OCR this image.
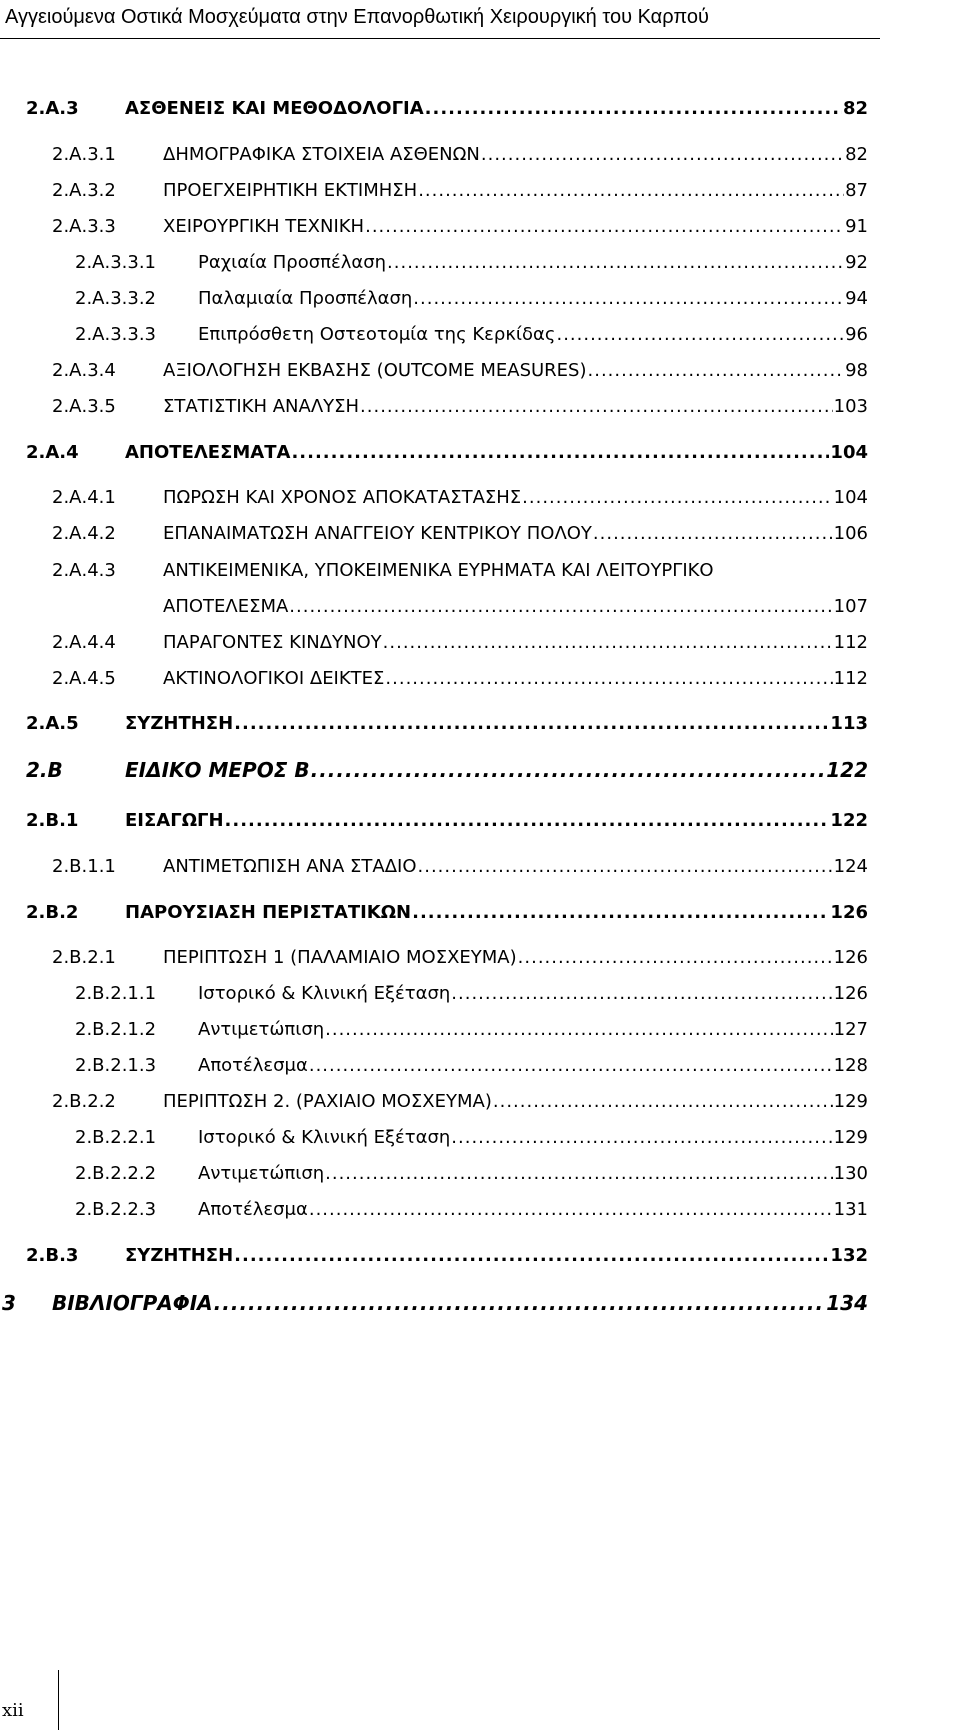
Αγγειούμενα Οστικά Μοσχεύματα στην Επανορθωτική Χειρουργική του Καρπού
2.Α.3	ΑΣΘΕΝΕΙΣ ΚΑΙ ΜΕΘΟΔΟΛΟΓΙΑ .....	82
2.Α.3.1	ΔΗΜΟΓΡΑΦΙΚΑ ΣΤΟΙΧΕΙΑ ΑΣΘΕΝΩΝ .....	82
2.Α.3.2	ΠΡΟΕΓΧΕΙΡΗΤΙΚΗ ΕΚΤΙΜΗΣΗ .....	87
2.Α.3.3	ΧΕΙΡΟΥΡΓΙΚΗ ΤΕΧΝΙΚΗ .....	91
2.Α.3.3.1	Ραχιαία Προσπέλαση .....	92
2.Α.3.3.2	Παλαμιαία Προσπέλαση .....	94
2.Α.3.3.3	Επιπρόσθετη Οστεοτομία της Κερκίδας .....	96
2.Α.3.4	ΑΞΙΟΛΟΓΗΣΗ ΕΚΒΑΣΗΣ (OUTCOME MEASURES) .....	98
2.Α.3.5	ΣΤΑΤΙΣΤΙΚΗ ΑΝΑΛΥΣΗ .....	103
2.Α.4	ΑΠΟΤΕΛΕΣΜΑΤΑ .....	104
2.Α.4.1	ΠΩΡΩΣΗ ΚΑΙ ΧΡΟΝΟΣ ΑΠΟΚΑΤΑΣΤΑΣΗΣ .....	104
2.Α.4.2	ΕΠΑΝΑΙΜΑΤΩΣΗ ΑΝΑΓΓΕΙΟΥ ΚΕΝΤΡΙΚΟΥ ΠΟΛΟΥ .....	106
2.Α.4.3	ΑΝΤΙΚΕΙΜΕΝΙΚΑ, ΥΠΟΚΕΙΜΕΝΙΚΑ ΕΥΡΗΜΑΤΑ ΚΑΙ ΛΕΙΤΟΥΡΓΙΚΟ
ΑΠΟΤΕΛΕΣΜΑ .....	107
2.Α.4.4	ΠΑΡΑΓΟΝΤΕΣ ΚΙΝΔΥΝΟΥ .....	112
2.Α.4.5	ΑΚΤΙΝΟΛΟΓΙΚΟΙ ΔΕΙΚΤΕΣ .....	112
2.Α.5	ΣΥΖΗΤΗΣΗ .....	113
2.Β	ΕΙΔΙΚΟ ΜΕΡΟΣ Β .....	122
2.Β.1	ΕΙΣΑΓΩΓΗ .....	122
2.Β.1.1	ΑΝΤΙΜΕΤΩΠΙΣΗ ΑΝΑ ΣΤΑΔΙΟ .....	124
2.Β.2	ΠΑΡΟΥΣΙΑΣΗ ΠΕΡΙΣΤΑΤΙΚΩΝ .....	126
2.Β.2.1	ΠΕΡΙΠΤΩΣΗ 1 (ΠΑΛΑΜΙΑΙΟ ΜΟΣΧΕΥΜΑ) .....	126
2.Β.2.1.1	Ιστορικό & Κλινική Εξέταση .....	126
2.Β.2.1.2	Αντιμετώπιση .....	127
2.Β.2.1.3	Αποτέλεσμα .....	128
2.Β.2.2	ΠΕΡΙΠΤΩΣΗ 2. (ΡΑΧΙΑΙΟ ΜΟΣΧΕΥΜΑ) .....	129
2.Β.2.2.1	Ιστορικό & Κλινική Εξέταση .....	129
2.Β.2.2.2	Αντιμετώπιση .....	130
2.Β.2.2.3	Αποτέλεσμα .....	131
2.Β.3	ΣΥΖΗΤΗΣΗ .....	132
3	ΒΙΒΛΙΟΓΡΑΦΙΑ .....	134
xii
